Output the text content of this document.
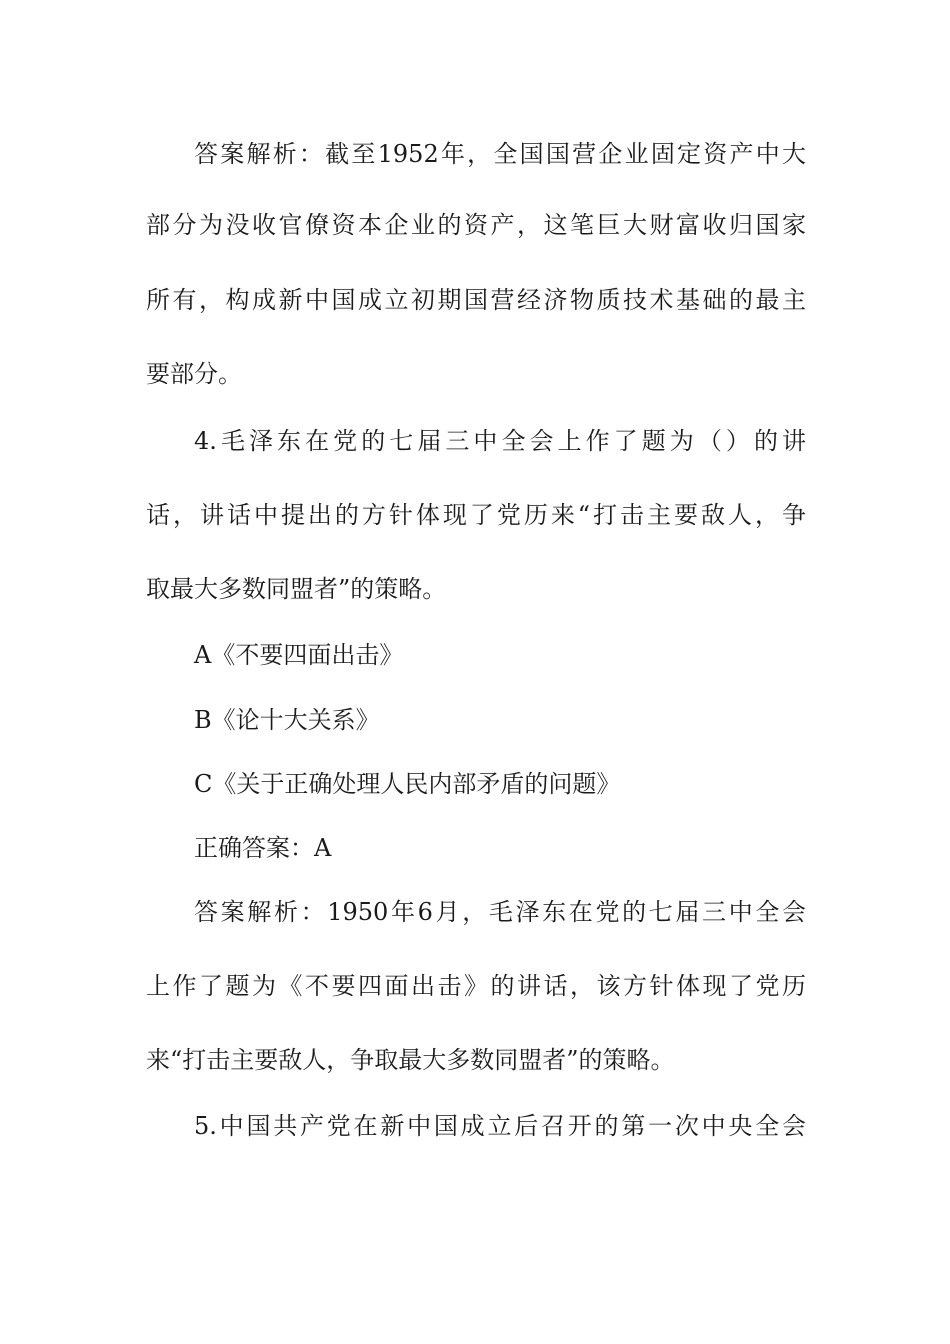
答案解析：截至1952年，全国国营企业固定资产中大
部分为没收官僚资本企业的资产，这笔巨大财富收归国家
所有，构成新中国成立初期国营经济物质技术基础的最主
要部分。
4.毛泽东在党的七届三中全会上作了题为（）的讲
话，讲话中提出的方针体现了党历来“打击主要敌人，争
取最大多数同盟者”的策略。
A《不要四面出击》
B《论十大关系》
C《关于正确处理人民内部矛盾的问题》
正确答案：A
答案解析：1950年6月，毛泽东在党的七届三中全会
上作了题为《不要四面出击》的讲话，该方针体现了党历
来“打击主要敌人，争取最大多数同盟者”的策略。
5.中国共产党在新中国成立后召开的第一次中央全会
